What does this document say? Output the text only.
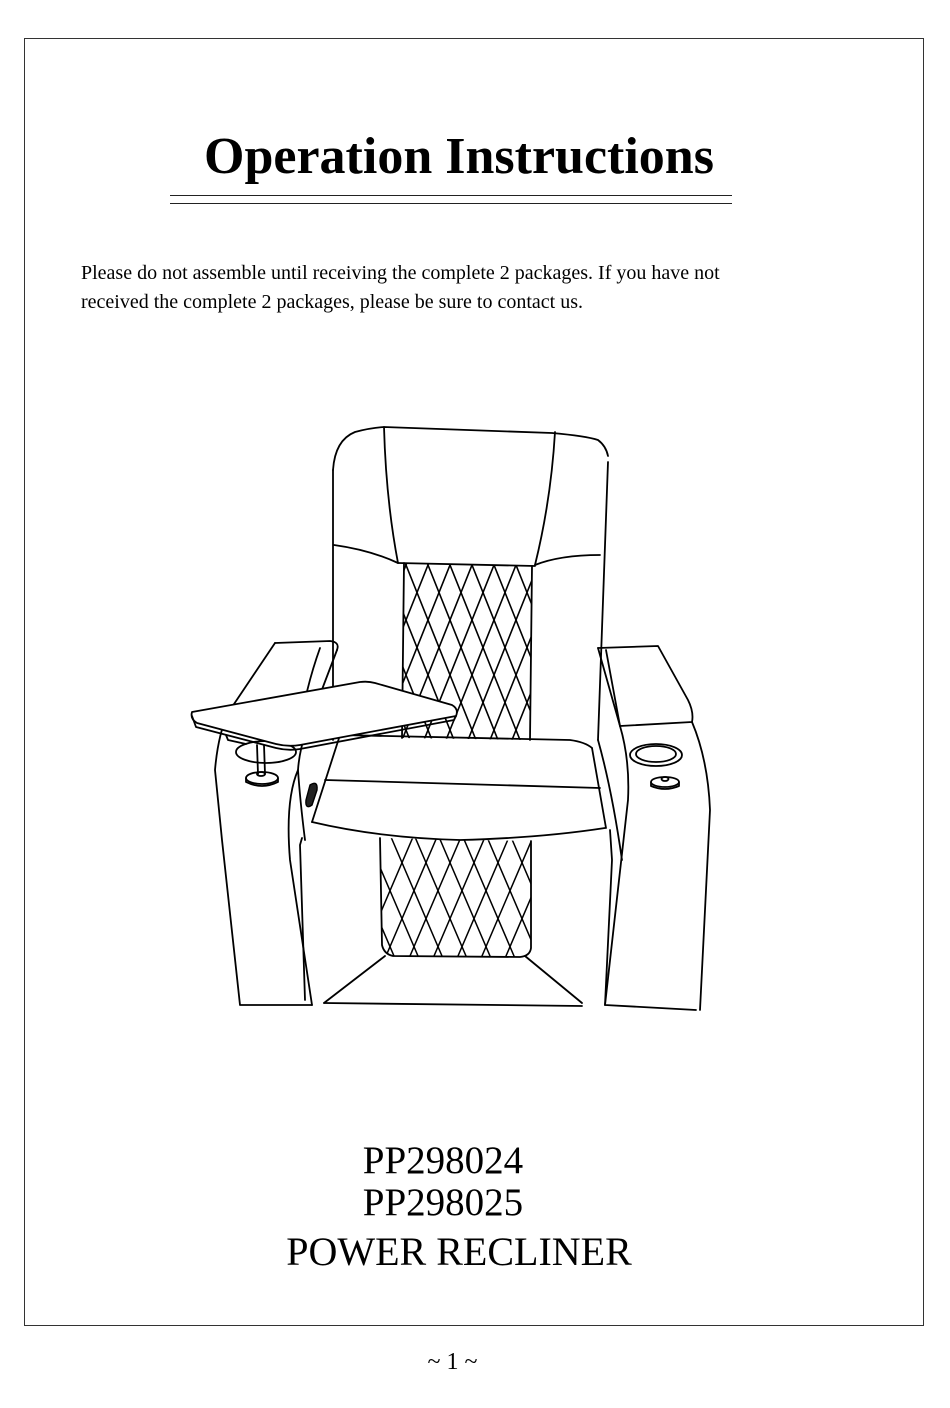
Operation Instructions
Please do not assemble until receiving the complete 2 packages. If you have not
received the complete 2 packages, please be sure to contact us.
PP298024
PP298025
POWER RECLINER
~ 1 ~
